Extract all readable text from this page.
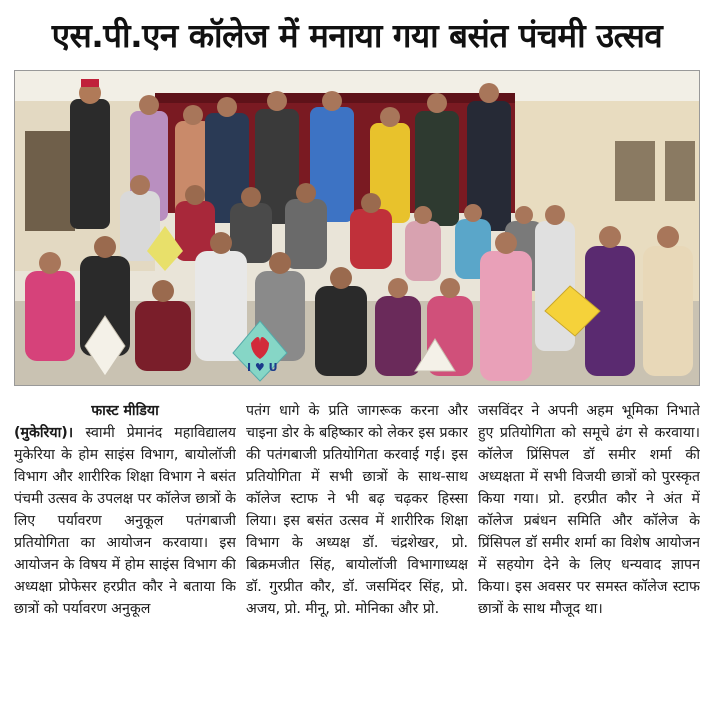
एस.पी.एन कॉलेज में मनाया गया बसंत पंचमी उत्सव
I ♥ U
फास्ट मीडिया
(मुकेरिया)। स्वामी प्रेमानंद महाविद्यालय मुकेरिया के होम साइंस विभाग, बायोलॉजी विभाग और शारीरिक शिक्षा विभाग ने बसंत पंचमी उत्सव के उपलक्ष पर कॉलेज छात्रों के लिए पर्यावरण अनुकूल पतंगबाजी प्रतियोगिता का आयोजन करवाया। इस आयोजन के विषय में होम साइंस विभाग की अध्यक्षा प्रोफेसर हरप्रीत कौर ने बताया कि छात्रों को पर्यावरण अनुकूल
पतंग धागे के प्रति जागरूक करना और चाइना डोर के बहिष्कार को लेकर इस प्रकार की पतंगबाजी प्रतियोगिता करवाई गई। इस प्रतियोगिता में सभी छात्रों के साथ-साथ कॉलेज स्टाफ ने भी बढ़ चढ़कर हिस्सा लिया। इस बसंत उत्सव में शारीरिक शिक्षा विभाग के अध्यक्ष डॉ. चंद्रशेखर, प्रो. बिक्रमजीत सिंह, बायोलॉजी विभागाध्यक्ष डॉ. गुरप्रीत कौर, डॉ. जसमिंदर सिंह, प्रो. अजय, प्रो. मीनू, प्रो. मोनिका और प्रो.
जसविंदर ने अपनी अहम भूमिका निभाते हुए प्रतियोगिता को समूचे ढंग से करवाया। कॉलेज प्रिंसिपल डॉ समीर शर्मा की अध्यक्षता में सभी विजयी छात्रों को पुरस्कृत किया गया। प्रो. हरप्रीत कौर ने अंत में कॉलेज प्रबंधन समिति और कॉलेज के प्रिंसिपल डॉ समीर शर्मा का विशेष आयोजन में सहयोग देने के लिए धन्यवाद ज्ञापन किया। इस अवसर पर समस्त कॉलेज स्टाफ छात्रों के साथ मौजूद था।
